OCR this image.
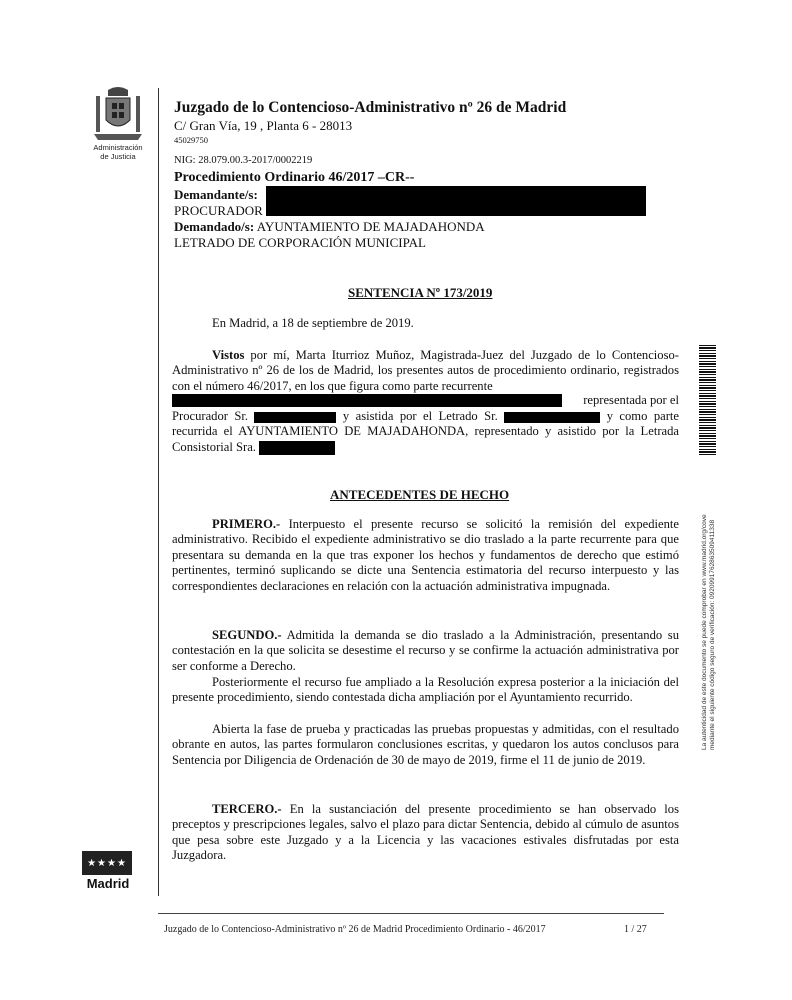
Administración
de Justicia
Juzgado de lo Contencioso-Administrativo nº 26 de Madrid
C/ Gran Vía, 19 , Planta 6 - 28013
45029750
NIG: 28.079.00.3-2017/0002219
Procedimiento Ordinario 46/2017 –CR--
Demandante/s:
PROCURADOR
Demandado/s: AYUNTAMIENTO DE MAJADAHONDA
LETRADO DE CORPORACIÓN MUNICIPAL
SENTENCIA Nº 173/2019
En Madrid, a 18 de septiembre de 2019.
Vistos por mí, Marta Iturrioz Muñoz, Magistrada-Juez del Juzgado de lo Contencioso-Administrativo nº 26 de los de Madrid, los presentes autos de procedimiento ordinario, registrados con el número 46/2017, en los que figura como parte recurrente
representada por el
Procurador Sr.	y asistida por el Letrado Sr.	y como parte recurrida el AYUNTAMIENTO DE MAJADAHONDA, representado y asistido por la Letrada Consistorial Sra.
ANTECEDENTES DE HECHO
PRIMERO.- Interpuesto el presente recurso se solicitó la remisión del expediente administrativo. Recibido el expediente administrativo se dio traslado a la parte recurrente para que presentara su demanda en la que tras exponer los hechos y fundamentos de derecho que estimó pertinentes, terminó suplicando se dicte una Sentencia estimatoria del recurso interpuesto y las correspondientes declaraciones en relación con la actuación administrativa impugnada.
SEGUNDO.- Admitida la demanda se dio traslado a la Administración, presentando su contestación en la que solicita se desestime el recurso y se confirme la actuación administrativa por ser conforme a Derecho.
Posteriormente el recurso fue ampliado a la Resolución expresa posterior a la iniciación del presente procedimiento, siendo contestada dicha ampliación por el Ayuntamiento recurrido.
Abierta la fase de prueba y practicadas las pruebas propuestas y admitidas, con el resultado obrante en autos, las partes formularon conclusiones escritas, y quedaron los autos conclusos para Sentencia por Diligencia de Ordenación de 30 de mayo de 2019, firme el 11 de junio de 2019.
TERCERO.- En la sustanciación del presente procedimiento se han observado los preceptos y prescripciones legales, salvo el plazo para dictar Sentencia, debido al cúmulo de asuntos que pesa sobre este Juzgado y a la Licencia y las vacaciones estivales disfrutadas por esta Juzgadora.
La autenticidad de este documento se puede comprobar en www.madrid.org/cove mediante el siguiente código seguro de verificación: 0920991762863509411338
★★★★
Madrid
Juzgado de lo Contencioso-Administrativo nº 26 de Madrid Procedimiento Ordinario - 46/2017	1 / 27
